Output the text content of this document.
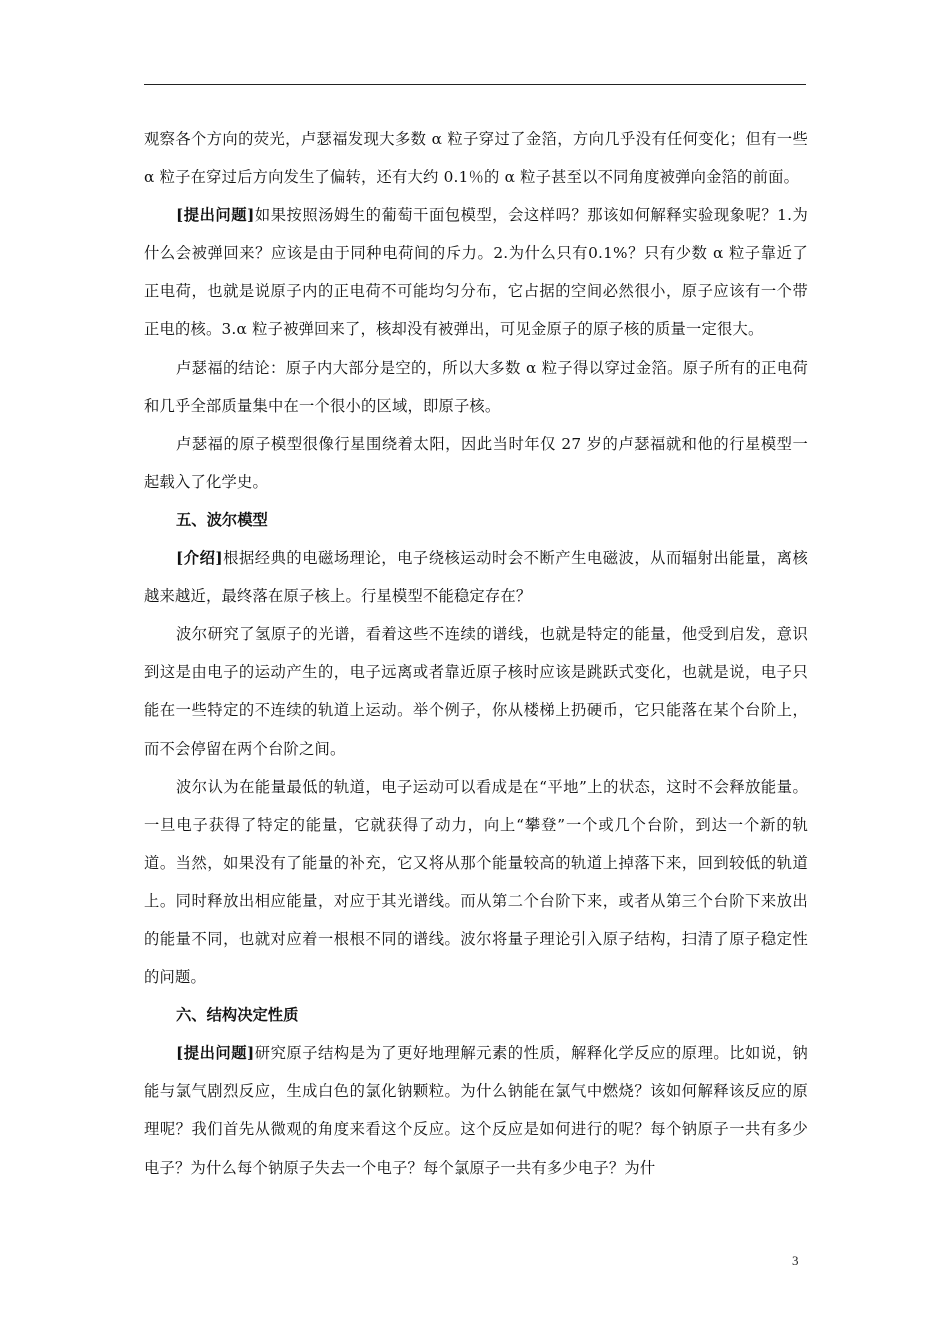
观察各个方向的荧光，卢瑟福发现大多数 α 粒子穿过了金箔，方向几乎没有任何变化；但有一些 α 粒子在穿过后方向发生了偏转，还有大约 0.1％的 α 粒子甚至以不同角度被弹向金箔的前面。

[提出问题]如果按照汤姆生的葡萄干面包模型，会这样吗？那该如何解释实验现象呢？1.为什么会被弹回来？应该是由于同种电荷间的斥力。2.为什么只有0.1%？只有少数 α 粒子靠近了正电荷，也就是说原子内的正电荷不可能均匀分布，它占据的空间必然很小，原子应该有一个带正电的核。3.α 粒子被弹回来了，核却没有被弹出，可见金原子的原子核的质量一定很大。

卢瑟福的结论：原子内大部分是空的，所以大多数 α 粒子得以穿过金箔。原子所有的正电荷和几乎全部质量集中在一个很小的区域，即原子核。

卢瑟福的原子模型很像行星围绕着太阳，因此当时年仅 27 岁的卢瑟福就和他的行星模型一起载入了化学史。

五、波尔模型

[介绍]根据经典的电磁场理论，电子绕核运动时会不断产生电磁波，从而辐射出能量，离核越来越近，最终落在原子核上。行星模型不能稳定存在？

波尔研究了氢原子的光谱，看着这些不连续的谱线，也就是特定的能量，他受到启发，意识到这是由电子的运动产生的，电子远离或者靠近原子核时应该是跳跃式变化，也就是说，电子只能在一些特定的不连续的轨道上运动。举个例子，你从楼梯上扔硬币，它只能落在某个台阶上，而不会停留在两个台阶之间。

波尔认为在能量最低的轨道，电子运动可以看成是在“平地”上的状态，这时不会释放能量。一旦电子获得了特定的能量，它就获得了动力，向上“攀登”一个或几个台阶，到达一个新的轨道。当然，如果没有了能量的补充，它又将从那个能量较高的轨道上掉落下来，回到较低的轨道上。同时释放出相应能量，对应于其光谱线。而从第二个台阶下来，或者从第三个台阶下来放出的能量不同，也就对应着一根根不同的谱线。波尔将量子理论引入原子结构，扫清了原子稳定性的问题。

六、结构决定性质

[提出问题]研究原子结构是为了更好地理解元素的性质，解释化学反应的原理。比如说，钠能与氯气剧烈反应，生成白色的氯化钠颗粒。为什么钠能在氯气中燃烧？该如何解释该反应的原理呢？我们首先从微观的角度来看这个反应。这个反应是如何进行的呢？每个钠原子一共有多少电子？为什么每个钠原子失去一个电子？每个氯原子一共有多少电子？为什

3
